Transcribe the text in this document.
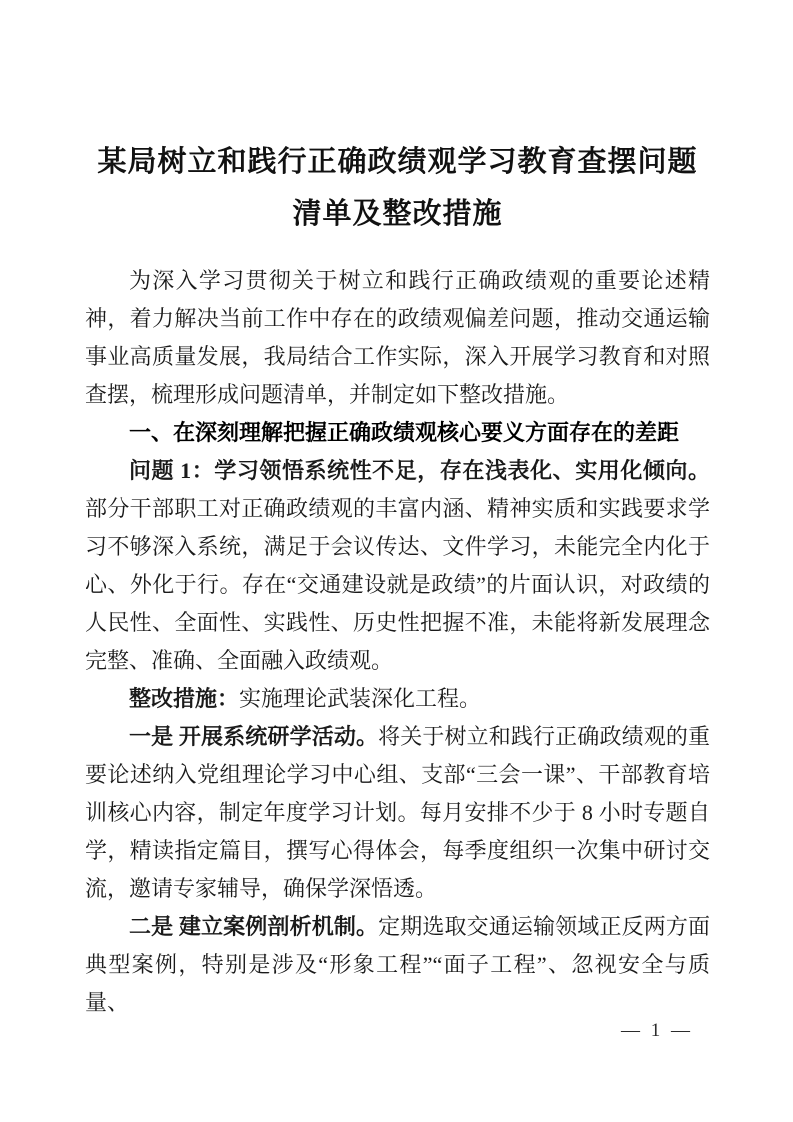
某局树立和践行正确政绩观学习教育查摆问题
清单及整改措施

为深入学习贯彻关于树立和践行正确政绩观的重要论述精神，着力解决当前工作中存在的政绩观偏差问题，推动交通运输事业高质量发展，我局结合工作实际，深入开展学习教育和对照查摆，梳理形成问题清单，并制定如下整改措施。

一、在深刻理解把握正确政绩观核心要义方面存在的差距

问题 1：学习领悟系统性不足，存在浅表化、实用化倾向。部分干部职工对正确政绩观的丰富内涵、精神实质和实践要求学习不够深入系统，满足于会议传达、文件学习，未能完全内化于心、外化于行。存在“交通建设就是政绩”的片面认识，对政绩的人民性、全面性、实践性、历史性把握不准，未能将新发展理念完整、准确、全面融入政绩观。

整改措施：实施理论武装深化工程。

一是 开展系统研学活动。将关于树立和践行正确政绩观的重要论述纳入党组理论学习中心组、支部“三会一课”、干部教育培训核心内容，制定年度学习计划。每月安排不少于 8 小时专题自学，精读指定篇目，撰写心得体会，每季度组织一次集中研讨交流，邀请专家辅导，确保学深悟透。

二是 建立案例剖析机制。定期选取交通运输领域正反两方面典型案例，特别是涉及“形象工程”“面子工程”、忽视安全与质量、

— 1 —
